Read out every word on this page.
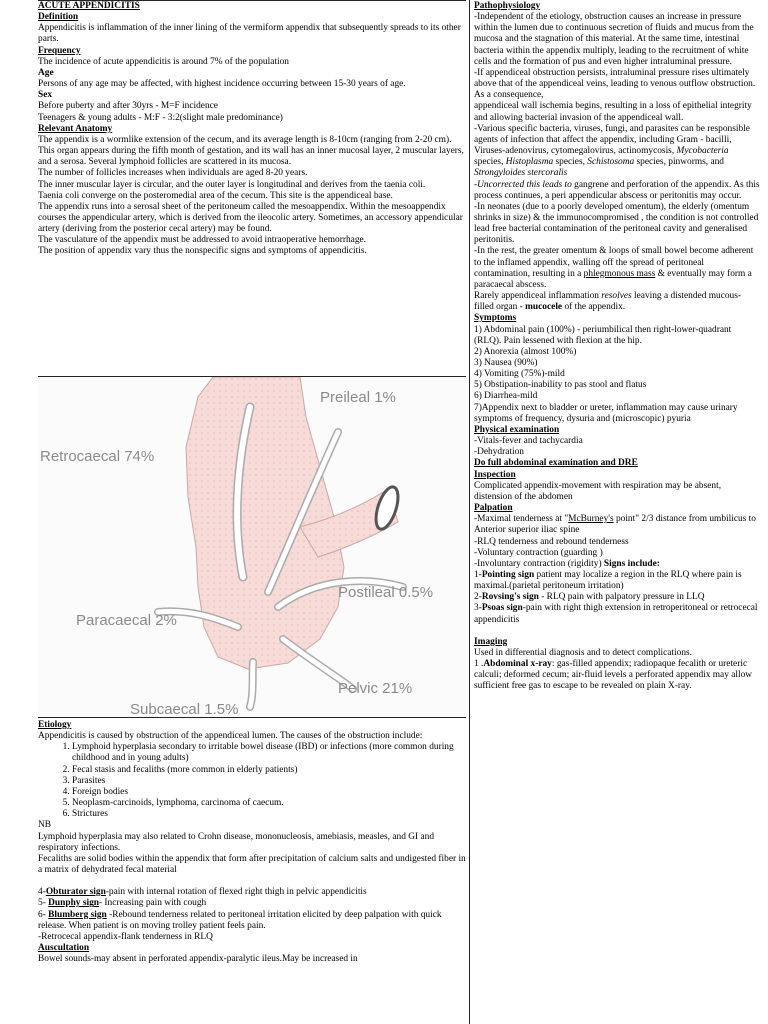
ACUTE APPENDICITIS

Definition

Appendicitis is inflammation of the inner lining of the vermiform appendix that subsequently spreads to its other parts.

Frequency

The incidence of acute appendicitis is around 7% of the population

Age

Persons of any age may be affected, with highest incidence occurring between 15-30 years of age.

Sex

Before puberty and after 30yrs - M=F incidence

Teenagers & young adults - M:F - 3:2(slight male predominance)

Relevant Anatomy

The appendix is a wormlike extension of the cecum, and its average length is 8-10cm (ranging from 2-20 cm).

This organ appears during the fifth month of gestation, and its wall has an inner mucosal layer, 2 muscular layers, and a serosa. Several lymphoid follicles are scattered in its mucosa.

The number of follicles increases when individuals are aged 8-20 years.

The inner muscular layer is circular, and the outer layer is longitudinal and derives from the taenia coli.

Taenia coli converge on the posteromedial area of the cecum. This site is the appendiceal base.

The appendix runs into a serosal sheet of the peritoneum called the mesoappendix. Within the mesoappendix courses the appendicular artery, which is derived from the ileocolic artery. Sometimes, an accessory appendicular artery (deriving from the posterior cecal artery) may be found.

The vasculature of the appendix must be addressed to avoid intraoperative hemorrhage.

The position of appendix vary thus the nonspecific signs and symptoms of appendicitis.

Preileal 1%
Retrocaecal 74%
Postileal 0.5%
Paracaecal 2%
Pelvic 21%
Subcaecal 1.5%

Etiology

Appendicitis is caused by obstruction of the appendiceal lumen. The causes of the obstruction include:

1. Lymphoid hyperplasia secondary to irritable bowel disease (IBD) or infections (more common during childhood and in young adults)
2. Fecal stasis and fecaliths (more common in elderly patients)
3. Parasites
4. Foreign bodies
5. Neoplasm-carcinoids, lymphoma, carcinoma of caecum.
6. Strictures

NB

Lymphoid hyperplasia may also related to Crohn disease, mononucleosis, amebiasis, measles, and GI and respiratory infections.

Fecaliths are solid bodies within the appendix that form after precipitation of calcium salts and undigested fiber in a matrix of dehydrated fecal material

4-Obturator sign-pain with internal rotation of flexed right thigh in pelvic appendicitis

5- Dunphy sign- Increasing pain with cough

6- Blumberg sign -Rebound tenderness related to peritoneal irritation elicited by deep palpation with quick release. When patient is on moving trolley patient feels pain.

-Retrocecal appendix-flank tenderness in RLQ

Auscultation

Bowel sounds-may absent in perforated appendix-paralytic ileus.May be increased in

Pathophysiology

-Independent of the etiology, obstruction causes an increase in pressure within the lumen due to continuous secretion of fluids and mucus from the mucosa and the stagnation of this material. At the same time, intestinal bacteria within the appendix multiply, leading to the recruitment of white cells and the formation of pus and even higher intraluminal pressure.

-If appendiceal obstruction persists, intraluminal pressure rises ultimately above that of the appendiceal veins, leading to venous outflow obstruction. As a consequence,

appendiceal wall ischemia begins, resulting in a loss of epithelial integrity and allowing bacterial invasion of the appendiceal wall.

-Various specific bacteria, viruses, fungi, and parasites can be responsible agents of infection that affect the appendix, including Gram - bacilli, Viruses-adenovirus, cytomegalovirus, actinomycosis, Mycobacteria species, Histoplasma species, Schistosoma species, pinworms, and Strongyloides stercoralis

-Uncorrected this leads to gangrene and perforation of the appendix. As this process continues, a peri appendicular abscess or peritonitis may occur.

-In neonates (due to a poorly developed omentum), the elderly (omentum shrinks in size) & the immunocompromised , the condition is not controlled lead free bacterial contamination of the peritoneal cavity and generalised peritonitis.

-In the rest, the greater omentum & loops of small bowel become adherent to the inflamed appendix, walling off the spread of peritoneal contamination, resulting in a phlegmonous mass & eventually may form a paracaecal abscess.

Rarely appendiceal inflammation resolves leaving a distended mucous-filled organ - mucocele of the appendix.

Symptoms

1) Abdominal pain (100%) - periumbilical then right-lower-quadrant (RLQ). Pain lessened with flexion at the hip.

2) Anorexia (almost 100%)

3) Nausea (90%)

4) Vomiting (75%)-mild

5) Obstipation-inability to pas stool and flatus

6) Diarrhea-mild

7)Appendix next to bladder or ureter, inflammation may cause urinary symptoms of frequency, dysuria and (microscopic) pyuria

Physical examination

-Vitals-fever and tachycardia

-Dehydration

Do full abdominal examination and DRE

Inspection

Complicated appendix-movement with respiration may be absent, distension of the abdomen

Palpation

-Maximal tenderness at "McBurney's point" 2/3 distance from umbilicus to Anterior superior iliac spine

-RLQ tenderness and rebound tenderness

-Voluntary contraction (guarding )

-Involuntary contraction (rigidity) Signs include:

1-Pointing sign patient may localize a region in the RLQ where pain is maximal.(parietal peritoneum irritation)

2-Rovsing's sign - RLQ pain with palpatory pressure in LLQ

3-Psoas sign-pain with right thigh extension in retroperitoneal or retrocecal appendicitis

Imaging

Used in differential diagnosis and to detect complications.

1 .Abdominal x-ray: gas-filled appendix; radiopaque fecalith or ureteric calculi; deformed cecum; air-fluid levels a perforated appendix may allow sufficient free gas to escape to be revealed on plain X-ray.
